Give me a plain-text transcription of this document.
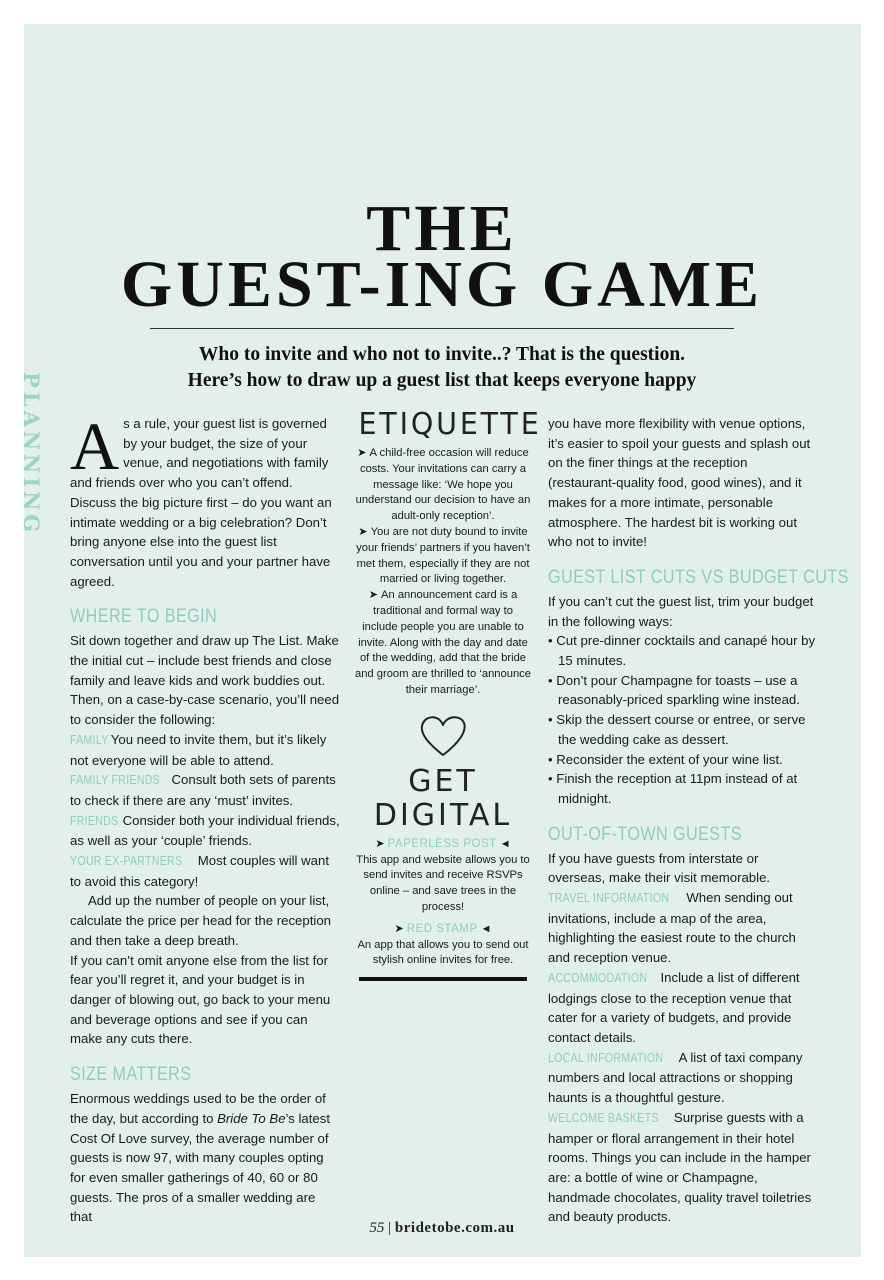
PLANNING
THE
GUEST-ING GAME
Who to invite and who not to invite..? That is the question.
Here’s how to draw up a guest list that keeps everyone happy

As a rule, your guest list is governed by your budget, the size of your venue, and negotiations with family and friends over who you can’t offend. Discuss the big picture first – do you want an intimate wedding or a big celebration? Don’t bring anyone else into the guest list conversation until you and your partner have agreed.

WHERE TO BEGIN

Sit down together and draw up The List. Make the initial cut – include best friends and close family and leave kids and work buddies out. Then, on a case-by-case scenario, you’ll need to consider the following:

FAMILY You need to invite them, but it’s likely not everyone will be able to attend.

FAMILY FRIENDS Consult both sets of parents to check if there are any ‘must’ invites.

FRIENDS Consider both your individual friends, as well as your ‘couple’ friends.

YOUR EX-PARTNERS Most couples will want to avoid this category!

Add up the number of people on your list, calculate the price per head for the reception and then take a deep breath.

If you can’t omit anyone else from the list for fear you’ll regret it, and your budget is in danger of blowing out, go back to your menu and beverage options and see if you can make any cuts there.

SIZE MATTERS

Enormous weddings used to be the order of the day, but according to Bride To Be’s latest Cost Of Love survey, the average number of guests is now 97, with many couples opting for even smaller gatherings of 40, 60 or 80 guests. The pros of a smaller wedding are that

ETIQUETTE

➤ A child-free occasion will reduce costs. Your invitations can carry a message like: ‘We hope you understand our decision to have an adult-only reception’.

➤ You are not duty bound to invite your friends’ partners if you haven’t met them, especially if they are not married or living together.

➤ An announcement card is a traditional and formal way to include people you are unable to invite. Along with the day and date of the wedding, add that the bride and groom are thrilled to ‘announce their marriage’.

GET
DIGITAL

➤ PAPERLESS POST ◄

This app and website allows you to send invites and receive RSVPs online – and save trees in the process!

➤ RED STAMP ◄

An app that allows you to send out stylish online invites for free.

you have more flexibility with venue options, it’s easier to spoil your guests and splash out on the finer things at the reception (restaurant-quality food, good wines), and it makes for a more intimate, personable atmosphere. The hardest bit is working out who not to invite!

GUEST LIST CUTS VS BUDGET CUTS

If you can’t cut the guest list, trim your budget in the following ways:

• Cut pre-dinner cocktails and canapé hour by 15 minutes.
• Don’t pour Champagne for toasts – use a reasonably-priced sparkling wine instead.
• Skip the dessert course or entree, or serve the wedding cake as dessert.
• Reconsider the extent of your wine list.
• Finish the reception at 11pm instead of at midnight.
OUT-OF-TOWN GUESTS

If you have guests from interstate or overseas, make their visit memorable.

TRAVEL INFORMATION When sending out invitations, include a map of the area, highlighting the easiest route to the church and reception venue.

ACCOMMODATION Include a list of different lodgings close to the reception venue that cater for a variety of budgets, and provide contact details.

LOCAL INFORMATION A list of taxi company numbers and local attractions or shopping haunts is a thoughtful gesture.

WELCOME BASKETS Surprise guests with a hamper or floral arrangement in their hotel rooms. Things you can include in the hamper are: a bottle of wine or Champagne, handmade chocolates, quality travel toiletries and beauty products.

55 | bridetobe.com.au
